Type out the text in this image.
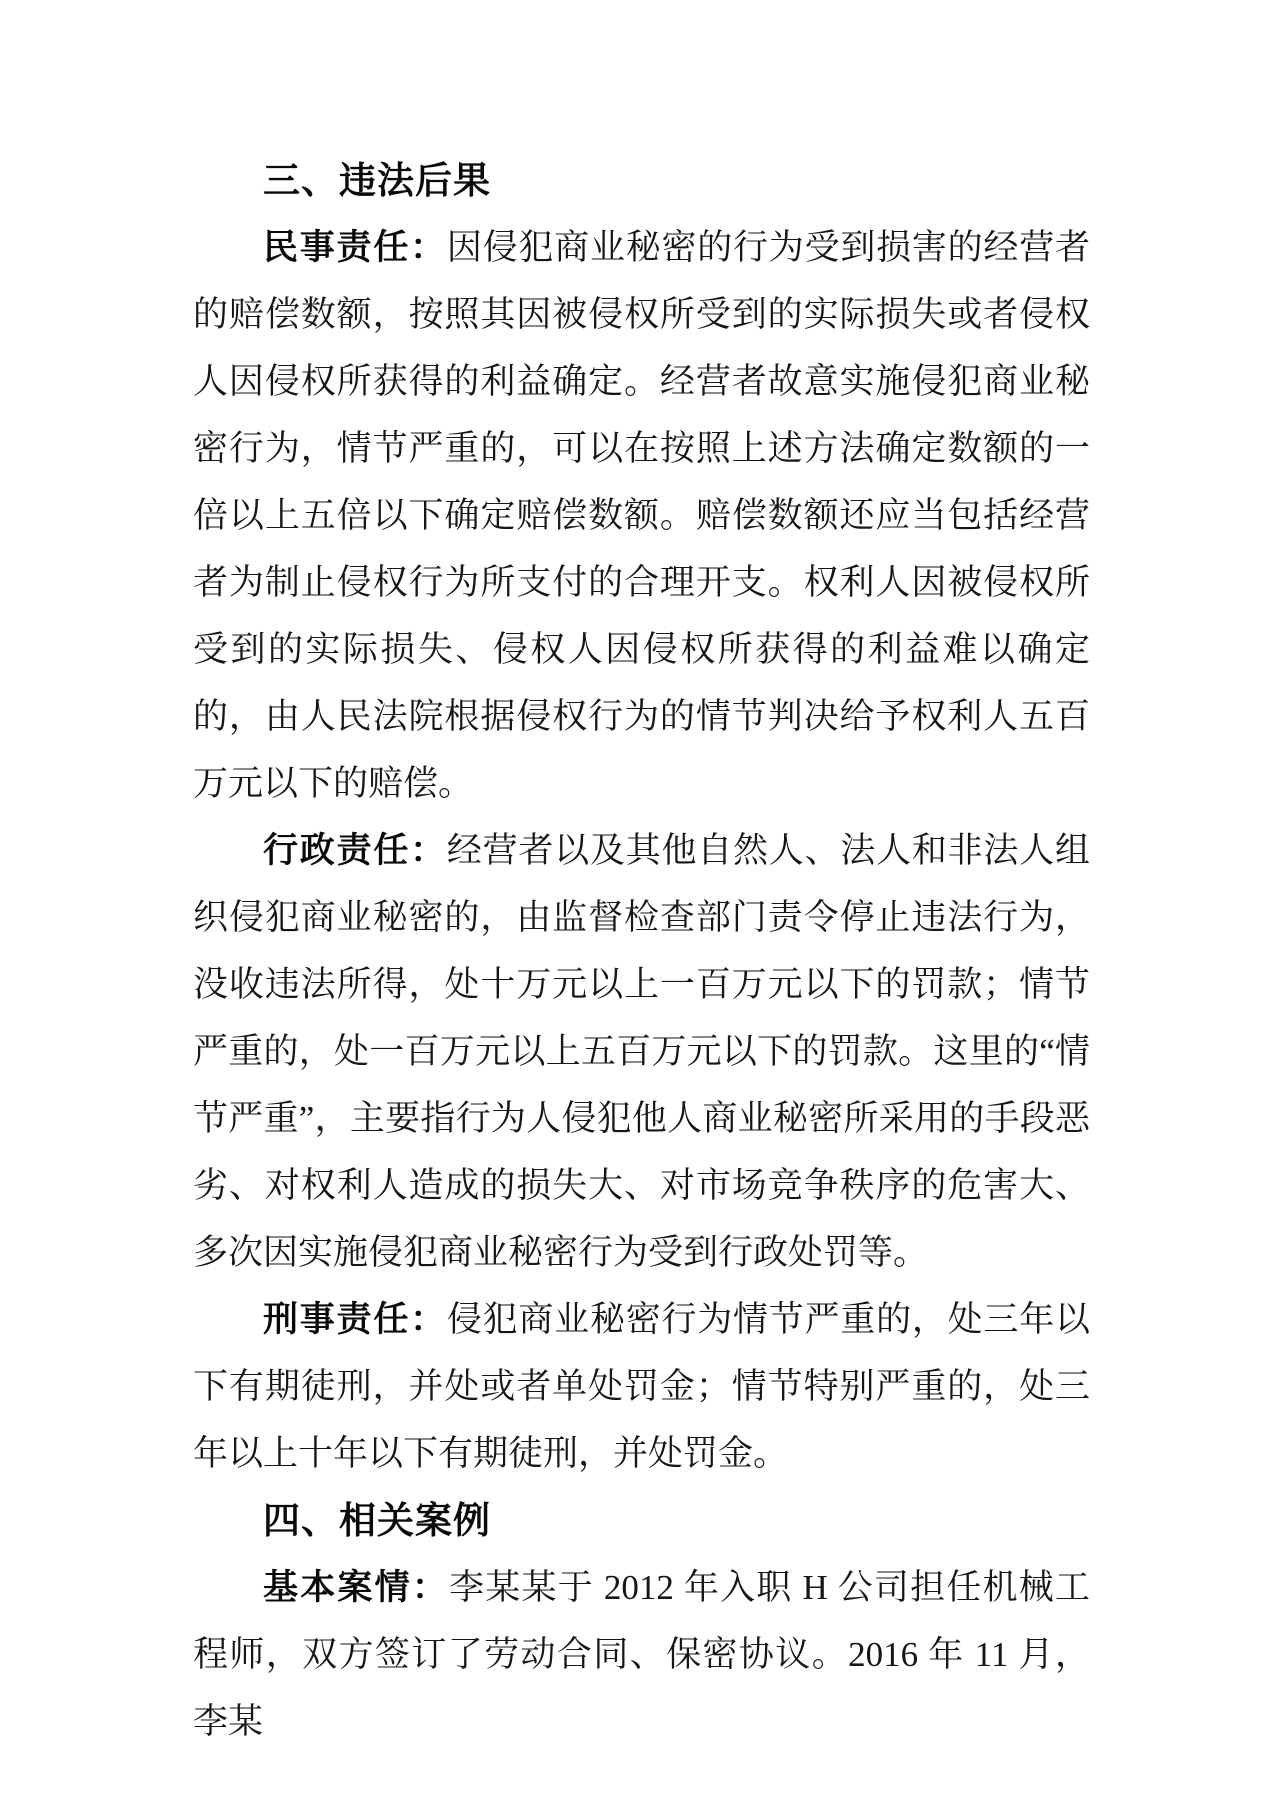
三、违法后果

民事责任：因侵犯商业秘密的行为受到损害的经营者的赔偿数额，按照其因被侵权所受到的实际损失或者侵权人因侵权所获得的利益确定。经营者故意实施侵犯商业秘密行为，情节严重的，可以在按照上述方法确定数额的一倍以上五倍以下确定赔偿数额。赔偿数额还应当包括经营者为制止侵权行为所支付的合理开支。权利人因被侵权所受到的实际损失、侵权人因侵权所获得的利益难以确定的，由人民法院根据侵权行为的情节判决给予权利人五百万元以下的赔偿。

行政责任：经营者以及其他自然人、法人和非法人组织侵犯商业秘密的，由监督检查部门责令停止违法行为，没收违法所得，处十万元以上一百万元以下的罚款；情节严重的，处一百万元以上五百万元以下的罚款。这里的“情节严重”，主要指行为人侵犯他人商业秘密所采用的手段恶劣、对权利人造成的损失大、对市场竞争秩序的危害大、多次因实施侵犯商业秘密行为受到行政处罚等。

刑事责任：侵犯商业秘密行为情节严重的，处三年以下有期徒刑，并处或者单处罚金；情节特别严重的，处三年以上十年以下有期徒刑，并处罚金。

四、相关案例

基本案情：李某某于 2012 年入职 H 公司担任机械工程师，双方签订了劳动合同、保密协议。2016 年 11 月，李某
